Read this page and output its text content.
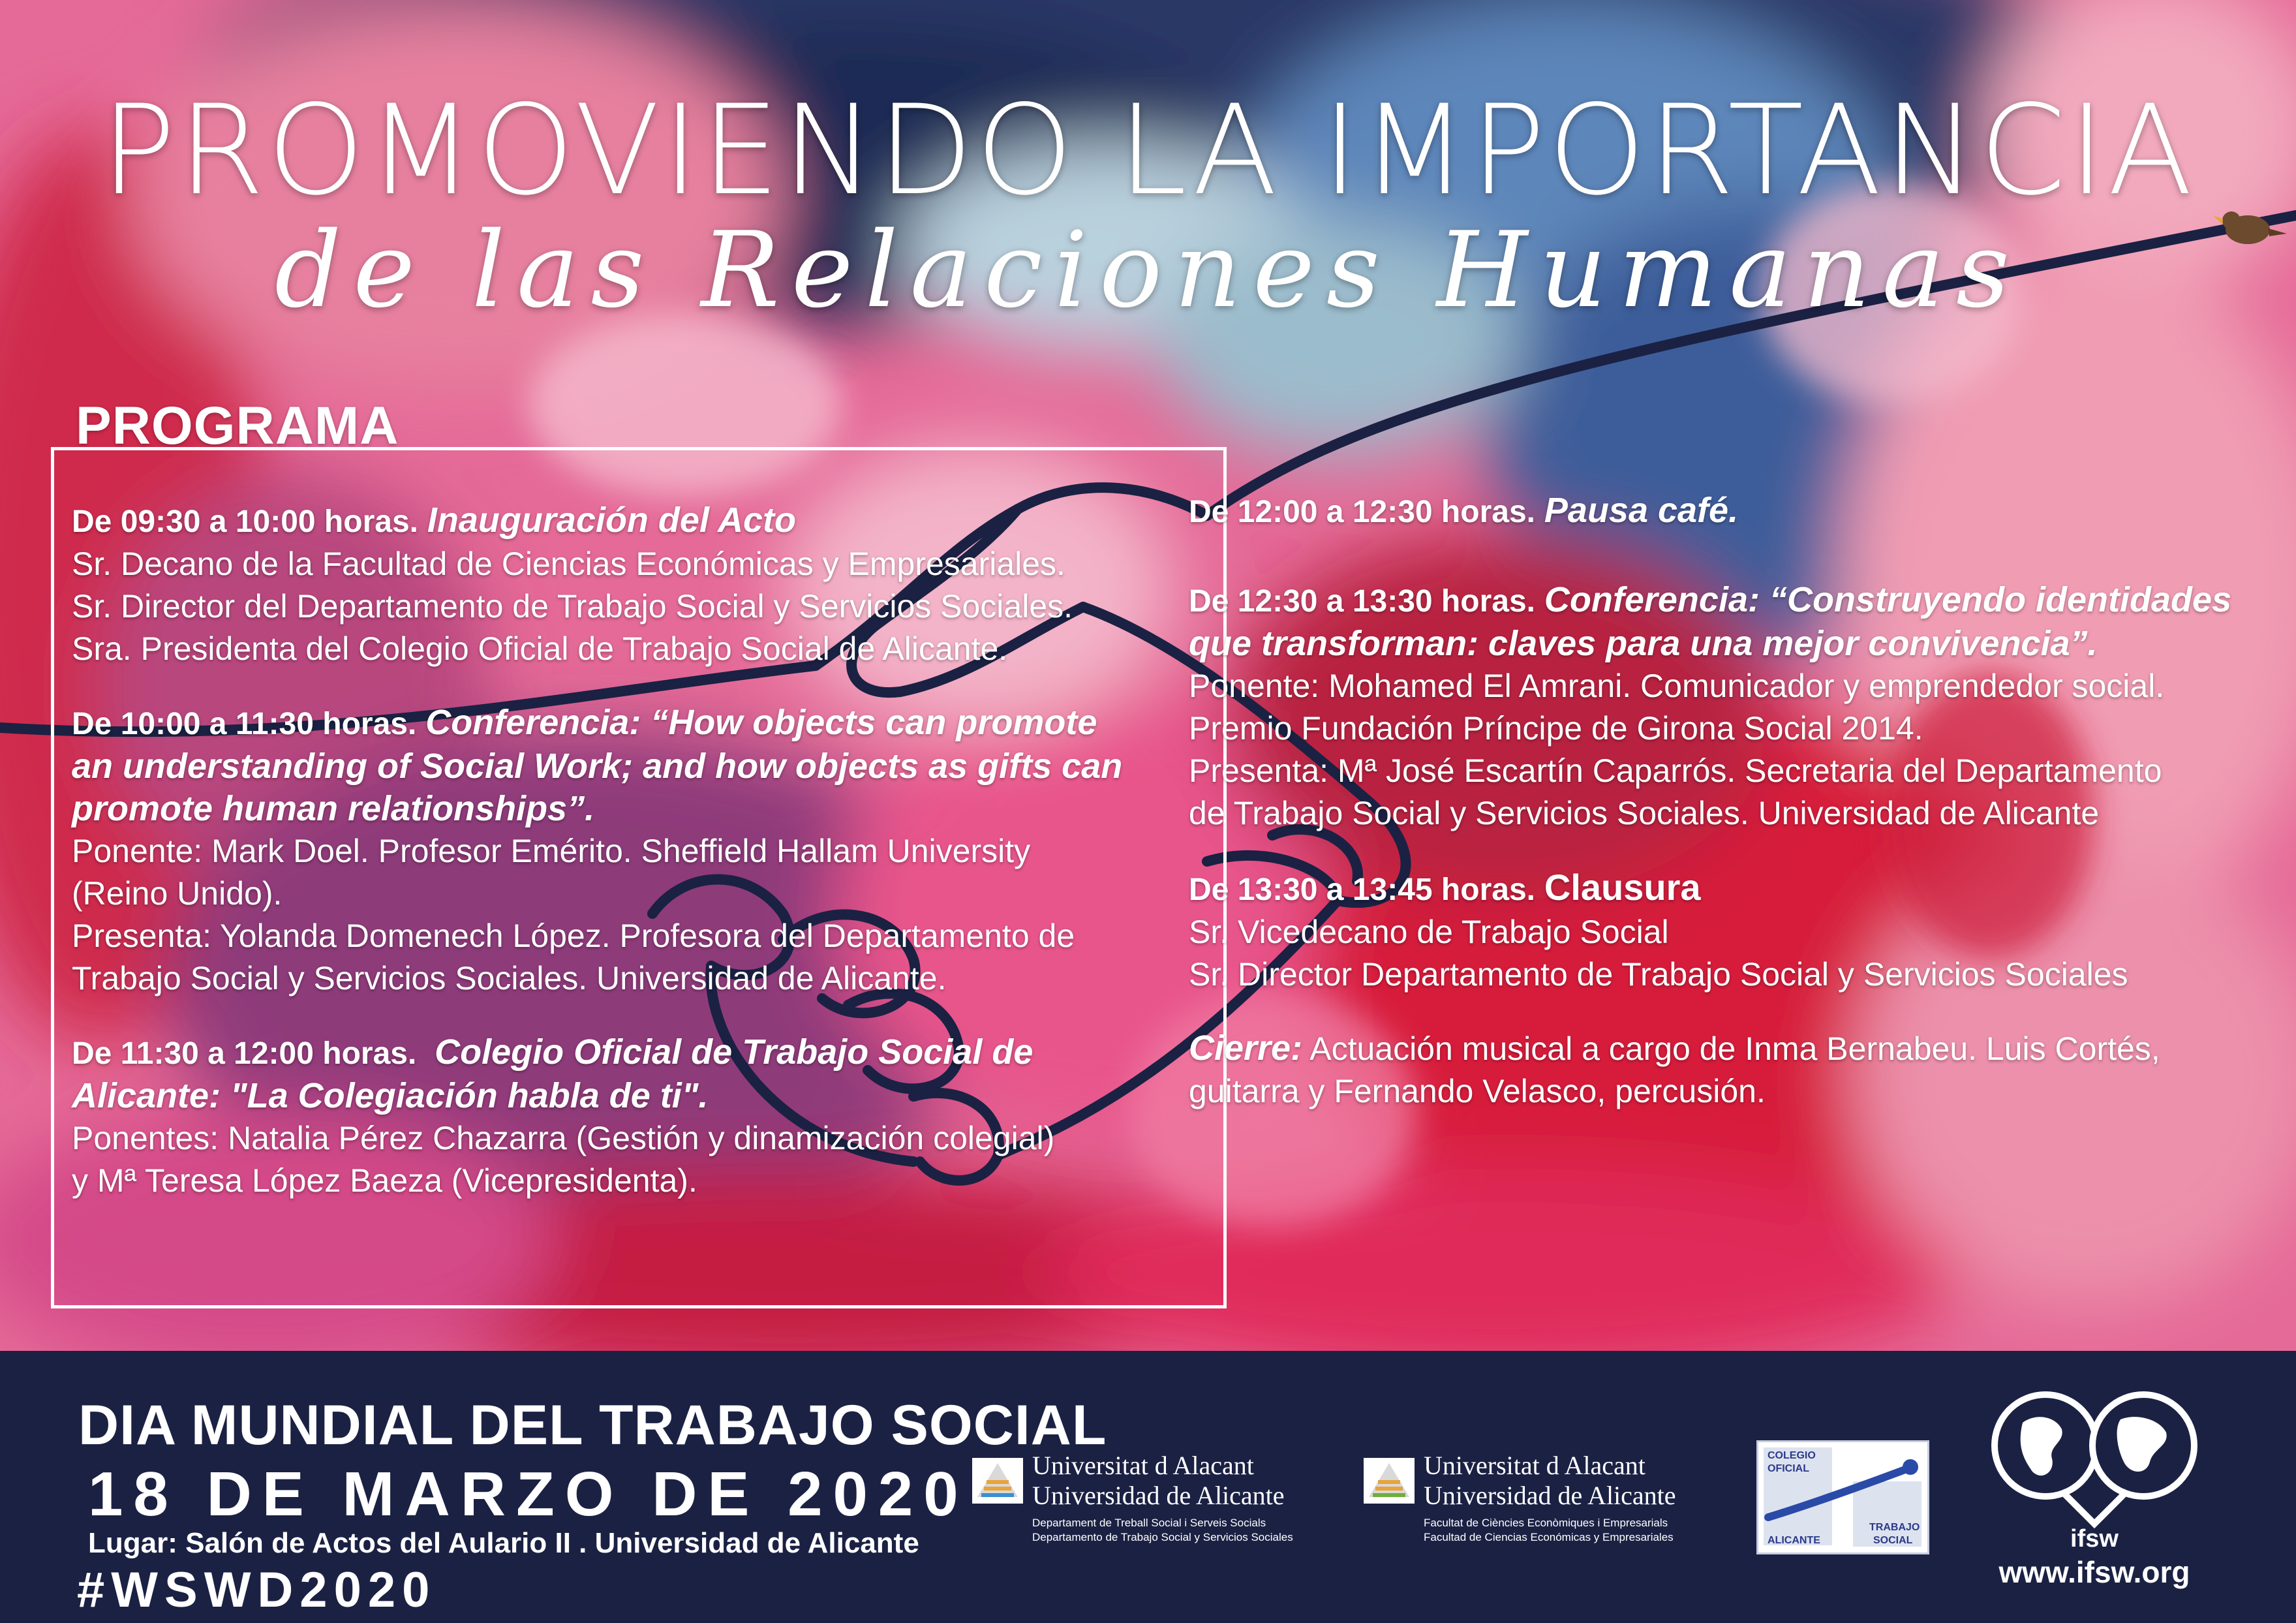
PROMOVIENDO LA IMPORTANCIA
de las Relaciones Humanas
PROGRAMA
De 09:30 a 10:00 horas. Inauguración del Acto
Sr. Decano de la Facultad de Ciencias Económicas y Empresariales.
Sr. Director del Departamento de Trabajo Social y Servicios Sociales.
Sra. Presidenta del Colegio Oficial de Trabajo Social de Alicante.
De 10:00 a 11:30 horas. Conferencia: “How objects can promote
an understanding of Social Work; and how objects as gifts can
promote human relationships”.
Ponente: Mark Doel. Profesor Emérito. Sheffield Hallam University
(Reino Unido).
Presenta: Yolanda Domenech López. Profesora del Departamento de
Trabajo Social y Servicios Sociales. Universidad de Alicante.
De 11:30 a 12:00 horas. Colegio Oficial de Trabajo Social de
Alicante: "La Colegiación habla de ti".
Ponentes: Natalia Pérez Chazarra (Gestión y dinamización colegial)
y Mª Teresa López Baeza (Vicepresidenta).
De 12:00 a 12:30 horas. Pausa café.
De 12:30 a 13:30 horas. Conferencia: “Construyendo identidades
que transforman: claves para una mejor convivencia”.
Ponente: Mohamed El Amrani. Comunicador y emprendedor social.
Premio Fundación Príncipe de Girona Social 2014.
Presenta: Mª José Escartín Caparrós. Secretaria del Departamento
de Trabajo Social y Servicios Sociales. Universidad de Alicante
De 13:30 a 13:45 horas. Clausura
Sr. Vicedecano de Trabajo Social
Sr. Director Departamento de Trabajo Social y Servicios Sociales
Cierre: Actuación musical a cargo de Inma Bernabeu. Luis Cortés,
guitarra y Fernando Velasco, percusión.
DIA MUNDIAL DEL TRABAJO SOCIAL
18 DE MARZO DE 2020
Lugar: Salón de Actos del Aulario II . Universidad de Alicante
#WSWD2020
Universitat d Alacant
Universidad de Alicante
Departament de Treball Social i Serveis Socials
Departamento de Trabajo Social y Servicios Sociales
Universitat d Alacant
Universidad de Alicante
Facultat de Ciències Econòmiques i Empresarials
Facultad de Ciencias Económicas y Empresariales
COLEGIO
OFICIAL
ALICANTE
TRABAJO
SOCIAL	ifsw
www.ifsw.org
